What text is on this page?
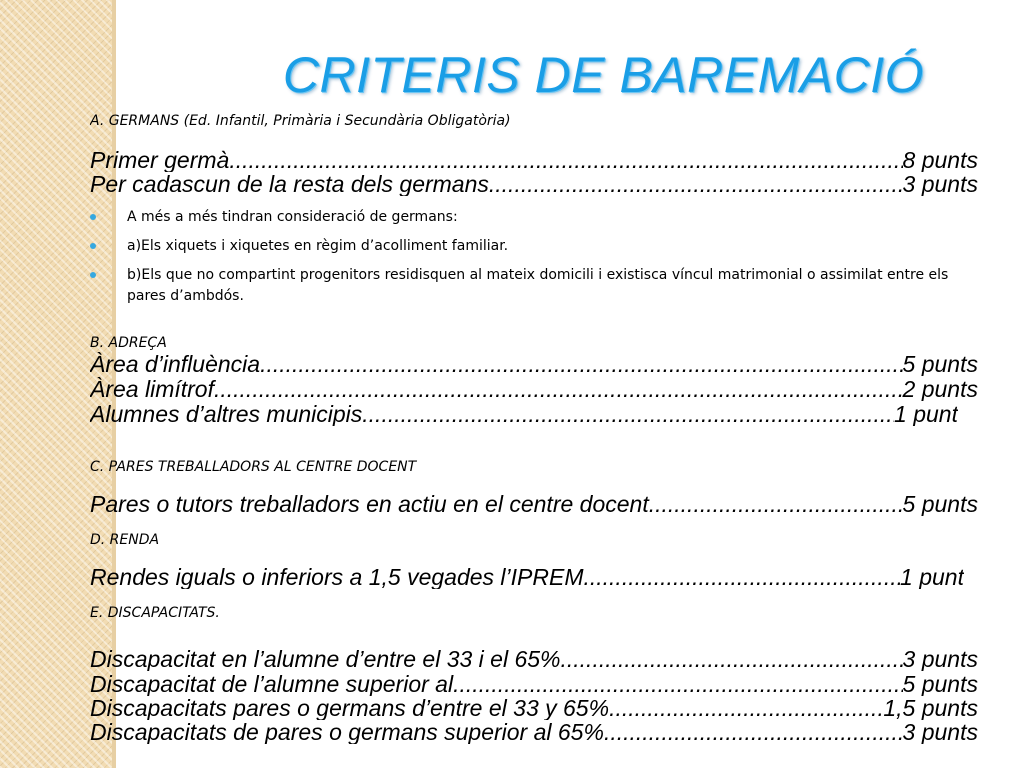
CRITERIS DE BAREMACIÓ
A. GERMANS (Ed. Infantil, Primària i Secundària Obligatòria)
Primer germà .....	8 punts
Per cadascun de la resta dels germans .....	3 punts
A més a més tindran consideració de germans:
a)Els xiquets i xiquetes en règim d’acolliment familiar.
b)Els que no compartint progenitors residisquen al mateix domicili i existisca víncul matrimonial o assimilat entre els pares d’ambdós.
B. ADREÇA
Àrea d’influència .....	5 punts
Àrea limítrof .....	2 punts
Alumnes d’altres municipis .....	1 punt
C. PARES TREBALLADORS AL CENTRE DOCENT
Pares o tutors treballadors en actiu en el centre docent .....	5 punts
D. RENDA
Rendes iguals o inferiors a 1,5 vegades l’IPREM .....	1 punt
E. DISCAPACITATS.
Discapacitat en l’alumne d’entre el 33 i el 65% .....	3 punts
Discapacitat de l’alumne superior al .....	5 punts
Discapacitats pares o germans d’entre el 33 y 65% .....	1,5 punts
Discapacitats de pares o germans superior al 65% .....	3 punts
